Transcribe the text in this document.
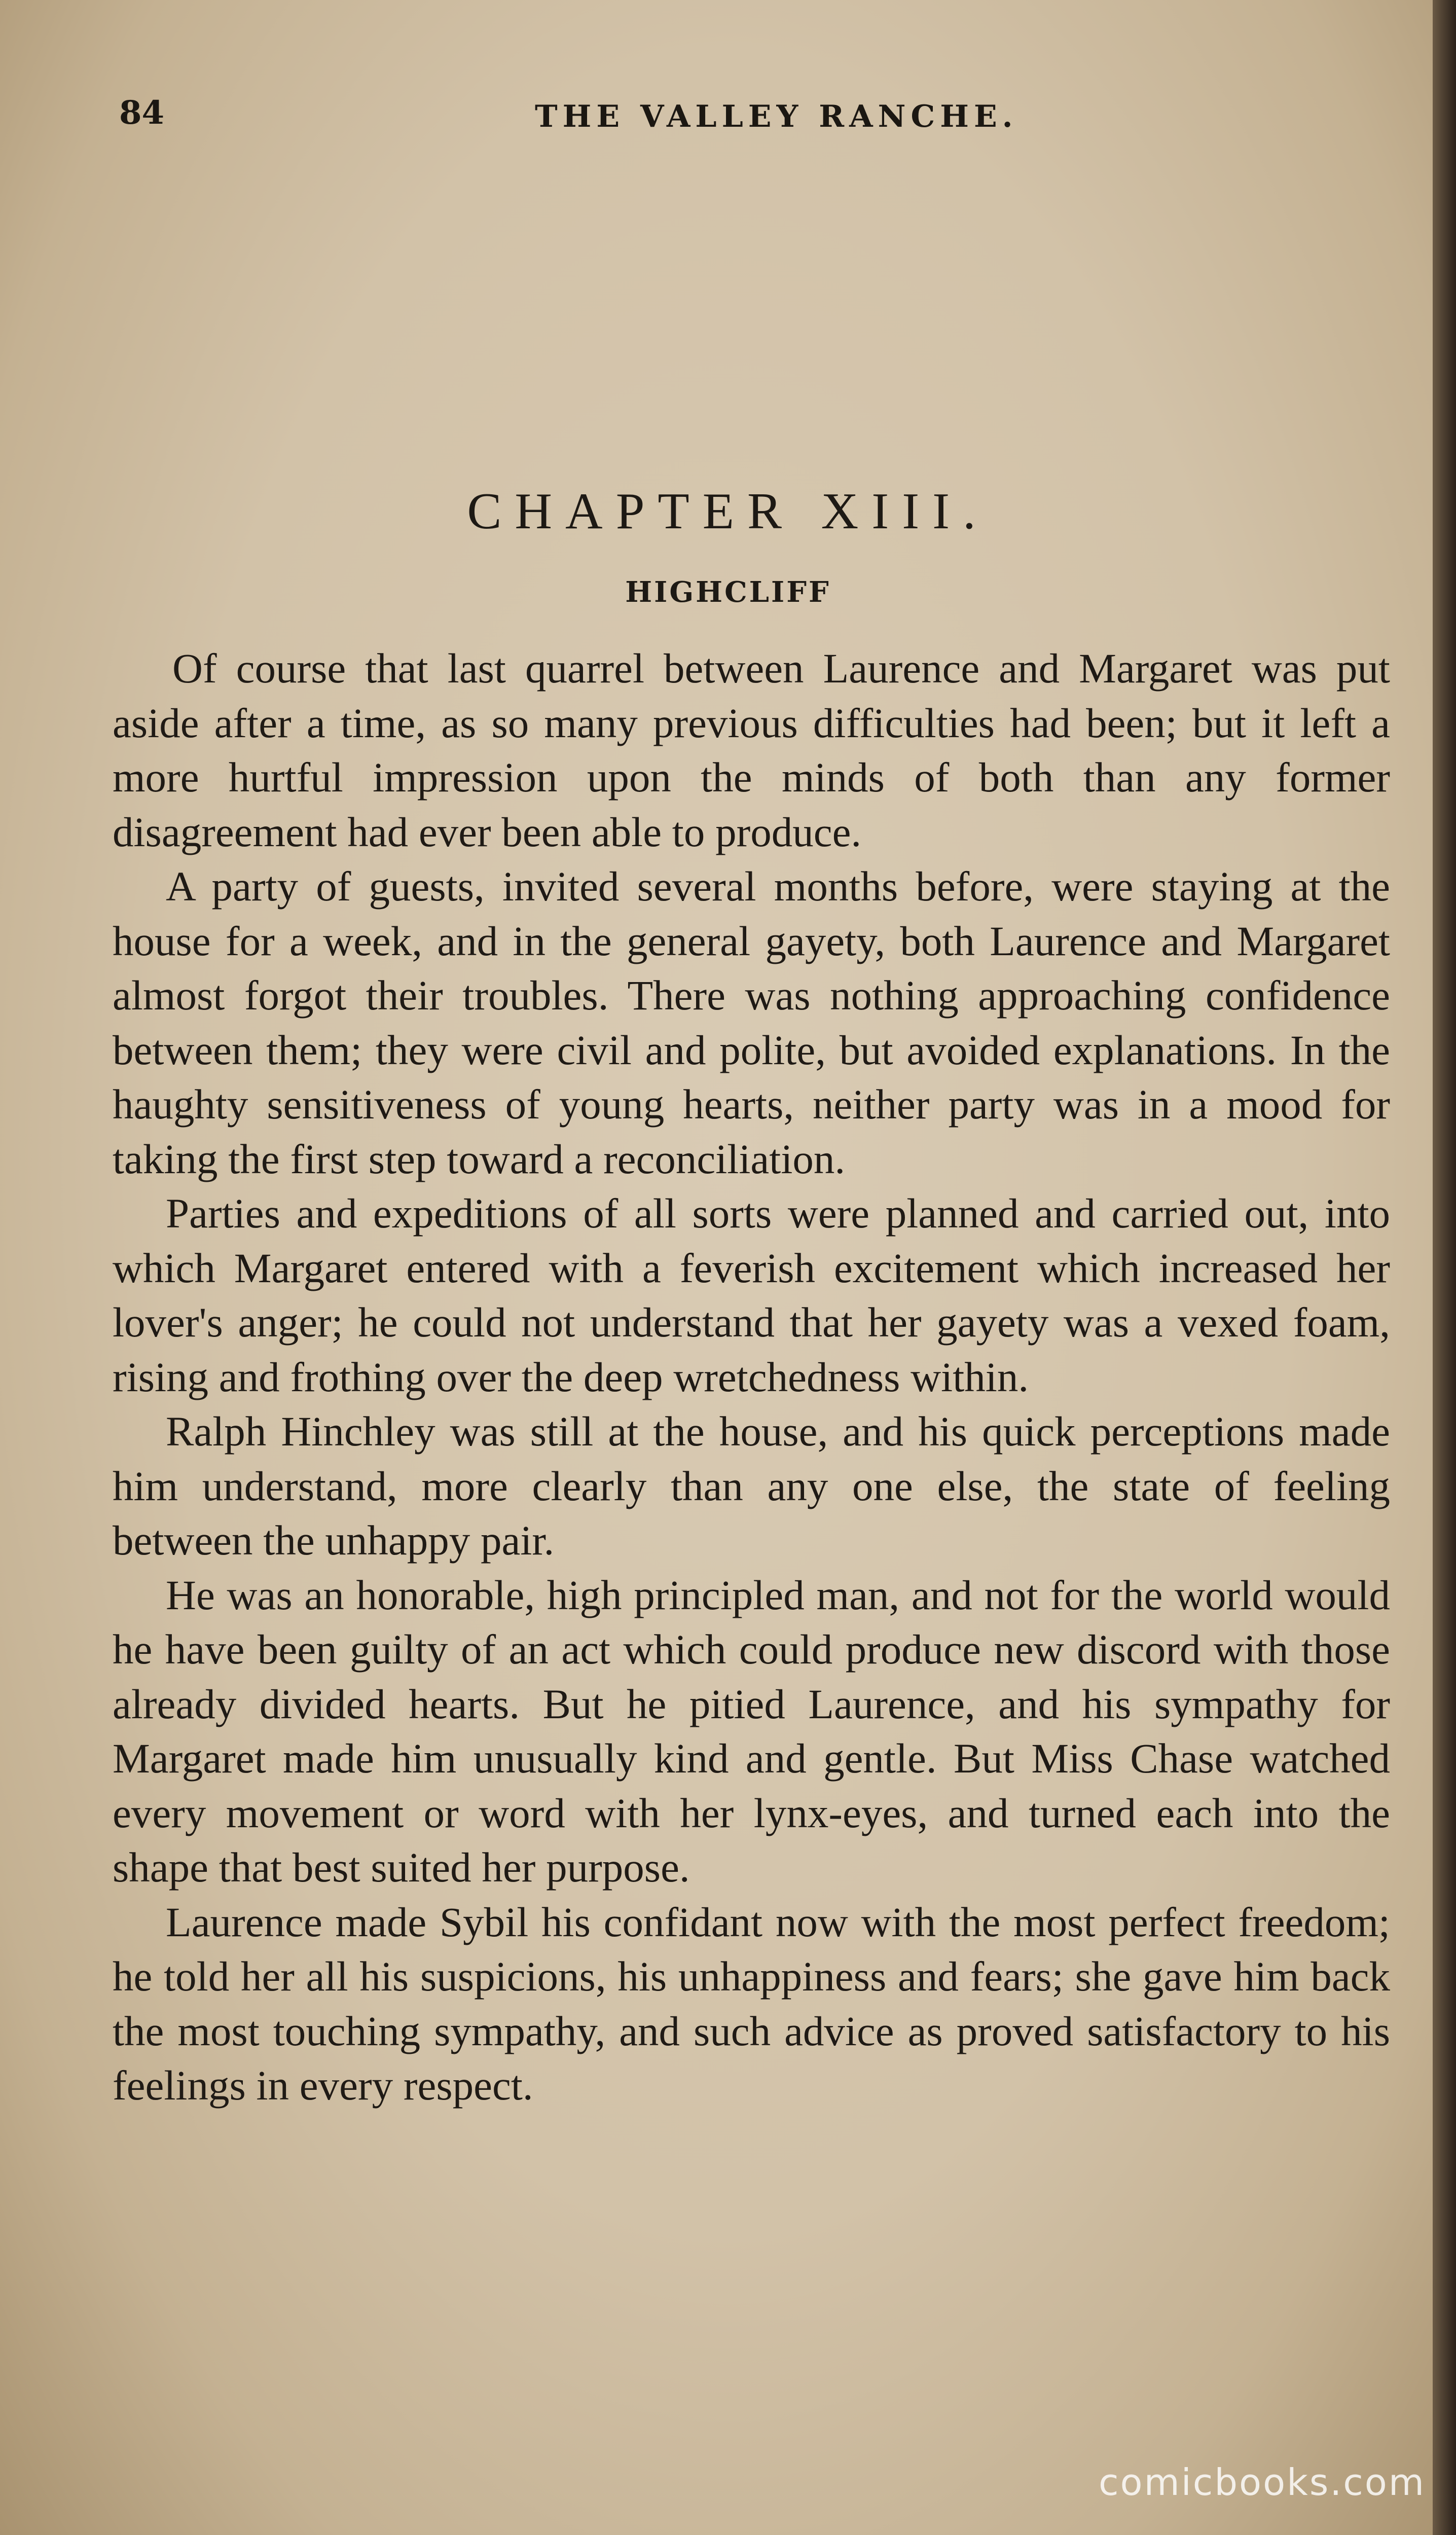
84	THE VALLEY RANCHE.
CHAPTER XIII.
HIGHCLIFF

Of course that last quarrel between Laurence and Margaret was put aside after a time, as so many previous difficulties had been; but it left a more hurtful impression upon the minds of both than any former disagreement had ever been able to produce.

A party of guests, invited several months before, were staying at the house for a week, and in the general gayety, both Laurence and Margaret almost forgot their troubles. There was nothing approaching confidence between them; they were civil and polite, but avoided explanations. In the haughty sensitiveness of young hearts, neither party was in a mood for taking the first step toward a reconciliation.

Parties and expeditions of all sorts were planned and carried out, into which Margaret entered with a feverish excitement which increased her lover's anger; he could not understand that her gayety was a vexed foam, rising and frothing over the deep wretchedness within.

Ralph Hinchley was still at the house, and his quick perceptions made him understand, more clearly than any one else, the state of feeling between the unhappy pair.

He was an honorable, high principled man, and not for the world would he have been guilty of an act which could produce new discord with those already divided hearts. But he pitied Laurence, and his sympathy for Margaret made him unusually kind and gentle. But Miss Chase watched every movement or word with her lynx-eyes, and turned each into the shape that best suited her purpose.

Laurence made Sybil his confidant now with the most perfect freedom; he told her all his suspicions, his unhappiness and fears; she gave him back the most touching sympathy, and such advice as proved satisfactory to his feelings in every respect.

comicbooks.com
